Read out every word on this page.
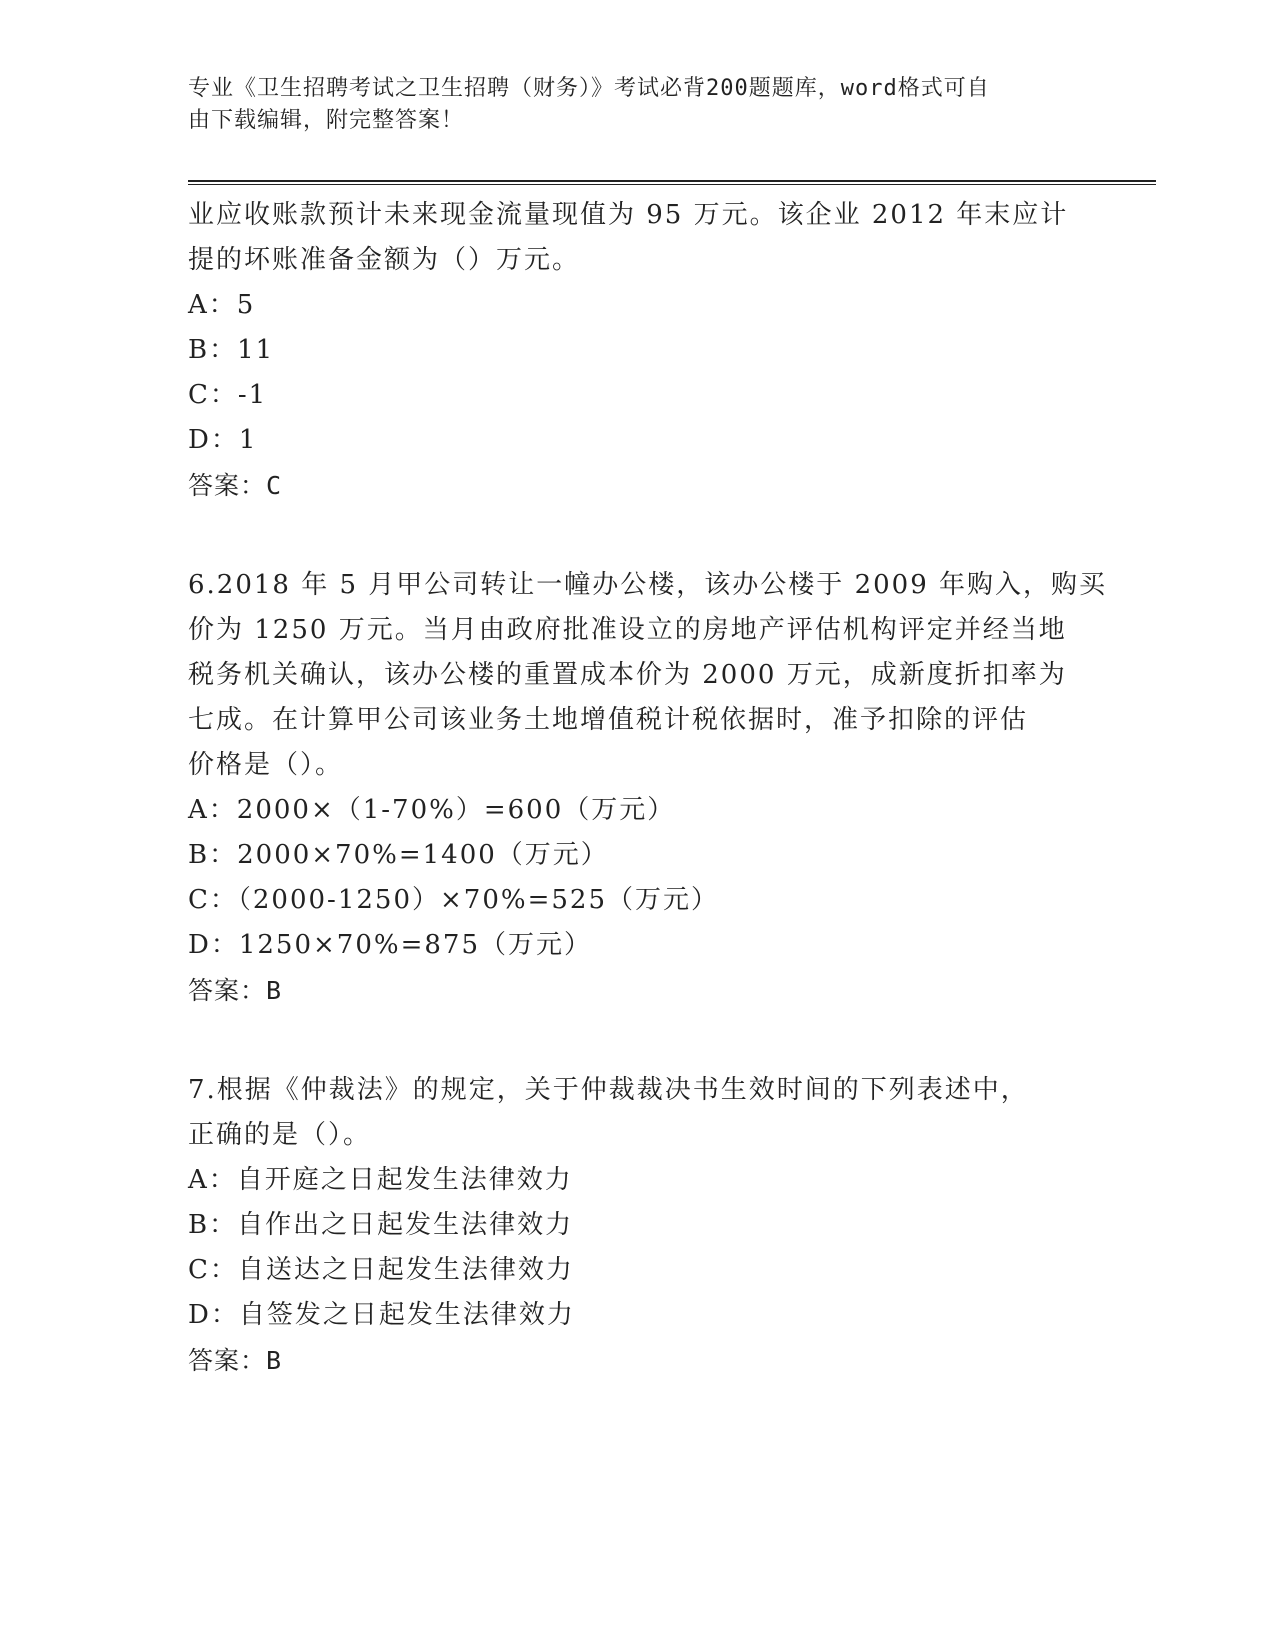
专业《卫生招聘考试之卫生招聘（财务）》考试必背200题题库，word格式可自
由下载编辑，附完整答案！
业应收账款预计未来现金流量现值为 95 万元。该企业 2012 年末应计
提的坏账准备金额为（）万元。
A：5
B：11
C：-1
D：1
答案：C
6.2018 年 5 月甲公司转让一幢办公楼，该办公楼于 2009 年购入，购买
价为 1250 万元。当月由政府批准设立的房地产评估机构评定并经当地
税务机关确认，该办公楼的重置成本价为 2000 万元，成新度折扣率为
七成。在计算甲公司该业务土地增值税计税依据时，准予扣除的评估
价格是（）。
A：2000×（1-70%）=600（万元）
B：2000×70%=1400（万元）
C：（2000-1250）×70%=525（万元）
D：1250×70%=875（万元）
答案：B
7.根据《仲裁法》的规定，关于仲裁裁决书生效时间的下列表述中，
正确的是（）。
A：自开庭之日起发生法律效力
B：自作出之日起发生法律效力
C：自送达之日起发生法律效力
D：自签发之日起发生法律效力
答案：B
